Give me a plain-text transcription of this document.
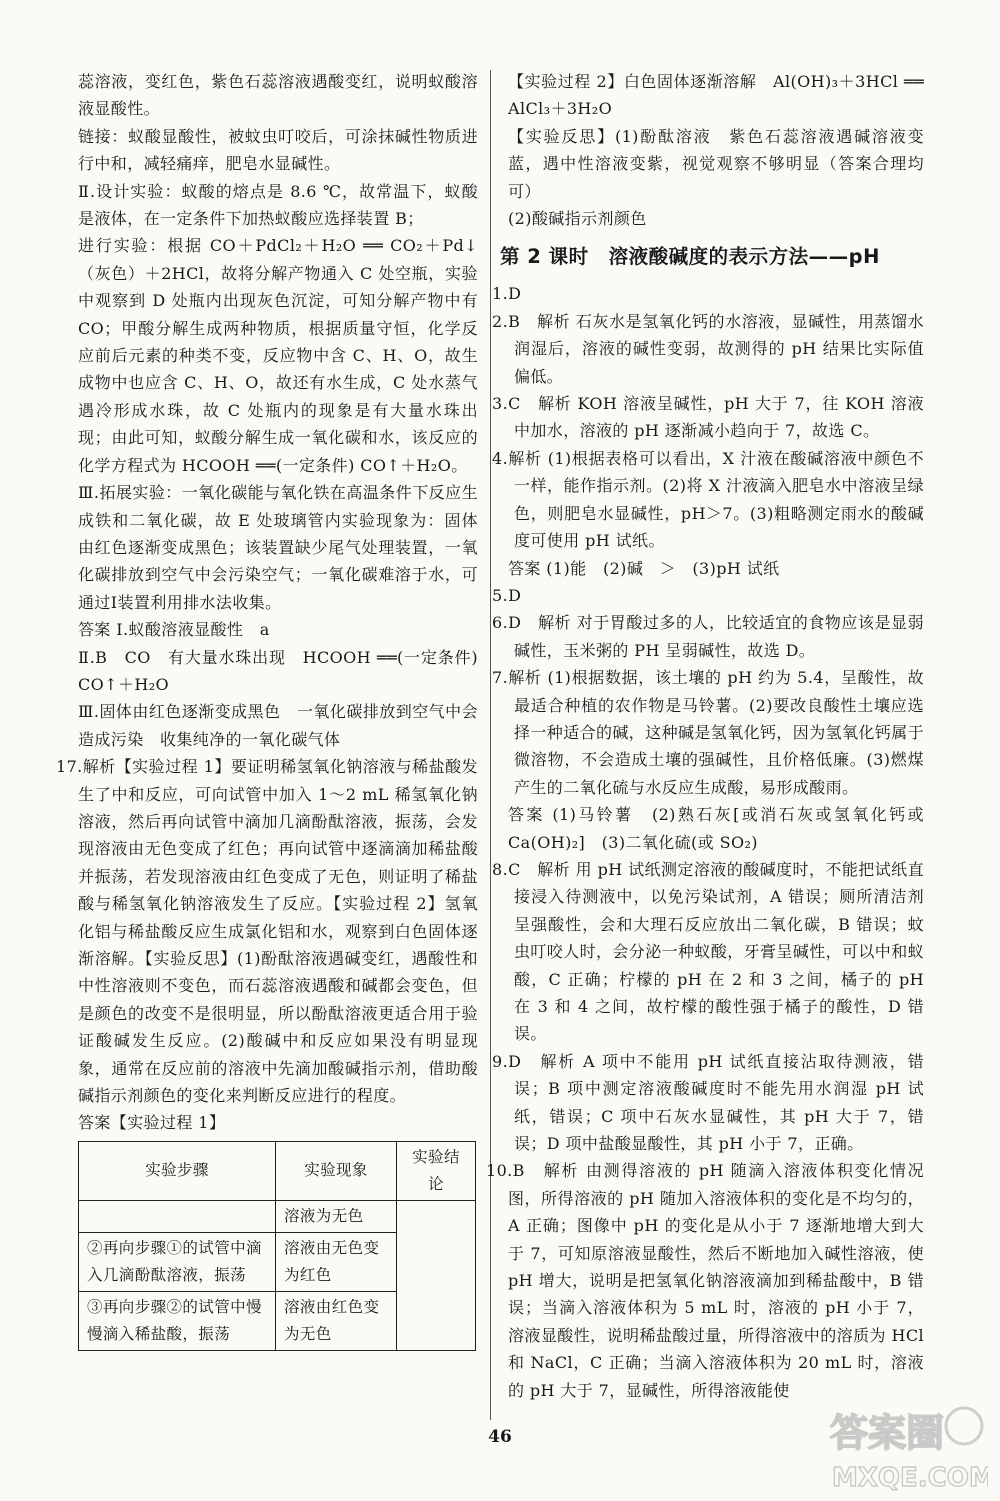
蕊溶液，变红色，紫色石蕊溶液遇酸变红，说明蚁酸溶液显酸性。

链接：蚁酸显酸性，被蚊虫叮咬后，可涂抹碱性物质进行中和，减轻痛痒，肥皂水显碱性。

Ⅱ.设计实验：蚁酸的熔点是 8.6 ℃，故常温下，蚁酸是液体，在一定条件下加热蚁酸应选择装置 B；

进行实验：根据 CO＋PdCl₂＋H₂O ══ CO₂＋Pd↓（灰色）＋2HCl，故将分解产物通入 C 处空瓶，实验中观察到 D 处瓶内出现灰色沉淀，可知分解产物中有 CO；甲酸分解生成两种物质，根据质量守恒，化学反应前后元素的种类不变，反应物中含 C、H、O，故生成物中也应含 C、H、O，故还有水生成，C 处水蒸气遇冷形成水珠，故 C 处瓶内的现象是有大量水珠出现；由此可知，蚁酸分解生成一氧化碳和水，该反应的化学方程式为 HCOOH ══(一定条件) CO↑＋H₂O。

Ⅲ.拓展实验：一氧化碳能与氧化铁在高温条件下反应生成铁和二氧化碳，故 E 处玻璃管内实验现象为：固体由红色逐渐变成黑色；该装置缺少尾气处理装置，一氧化碳排放到空气中会污染空气；一氧化碳难溶于水，可通过Ⅰ装置利用排水法收集。

答案 Ⅰ.蚁酸溶液显酸性　a

Ⅱ.B　CO　有大量水珠出现　HCOOH ══(一定条件) CO↑＋H₂O

Ⅲ.固体由红色逐渐变成黑色　一氧化碳排放到空气中会造成污染　收集纯净的一氧化碳气体

17.解析【实验过程 1】要证明稀氢氧化钠溶液与稀盐酸发生了中和反应，可向试管中加入 1～2 mL 稀氢氧化钠溶液，然后再向试管中滴加几滴酚酞溶液，振荡，会发现溶液由无色变成了红色；再向试管中逐滴滴加稀盐酸并振荡，若发现溶液由红色变成了无色，则证明了稀盐酸与稀氢氧化钠溶液发生了反应。【实验过程 2】氢氧化铝与稀盐酸反应生成氯化铝和水，观察到白色固体逐渐溶解。【实验反思】(1)酚酞溶液遇碱变红，遇酸性和中性溶液则不变色，而石蕊溶液遇酸和碱都会变色，但是颜色的改变不是很明显，所以酚酞溶液更适合用于验证酸碱发生反应。(2)酸碱中和反应如果没有明显现象，通常在反应前的溶液中先滴加酸碱指示剂，借助酸碱指示剂颜色的变化来判断反应进行的程度。

答案【实验过程 1】

实验步骤	实验现象	实验结论
	溶液为无色	
②再向步骤①的试管中滴入几滴酚酞溶液，振荡	溶液由无色变为红色	
③再向步骤②的试管中慢慢滴入稀盐酸，振荡	溶液由红色变为无色	

【实验过程 2】白色固体逐渐溶解　Al(OH)₃＋3HCl ══ AlCl₃＋3H₂O

【实验反思】(1)酚酞溶液　紫色石蕊溶液遇碱溶液变蓝，遇中性溶液变紫，视觉观察不够明显（答案合理均可）

(2)酸碱指示剂颜色

第 2 课时　溶液酸碱度的表示方法——pH

1.D

2.B　解析 石灰水是氢氧化钙的水溶液，显碱性，用蒸馏水润湿后，溶液的碱性变弱，故测得的 pH 结果比实际值偏低。

3.C　解析 KOH 溶液呈碱性，pH 大于 7，往 KOH 溶液中加水，溶液的 pH 逐渐减小趋向于 7，故选 C。

4.解析 (1)根据表格可以看出，X 汁液在酸碱溶液中颜色不一样，能作指示剂。(2)将 X 汁液滴入肥皂水中溶液呈绿色，则肥皂水显碱性，pH＞7。(3)粗略测定雨水的酸碱度可使用 pH 试纸。

答案 (1)能　(2)碱　＞　(3)pH 试纸

5.D

6.D　解析 对于胃酸过多的人，比较适宜的食物应该是显弱碱性，玉米粥的 PH 呈弱碱性，故选 D。

7.解析 (1)根据数据，该土壤的 pH 约为 5.4，呈酸性，故最适合种植的农作物是马铃薯。(2)要改良酸性土壤应选择一种适合的碱，这种碱是氢氧化钙，因为氢氧化钙属于微溶物，不会造成土壤的强碱性，且价格低廉。(3)燃煤产生的二氧化硫与水反应生成酸，易形成酸雨。

答案 (1)马铃薯　(2)熟石灰[或消石灰或氢氧化钙或 Ca(OH)₂]　(3)二氧化硫(或 SO₂)

8.C　解析 用 pH 试纸测定溶液的酸碱度时，不能把试纸直接浸入待测液中，以免污染试剂，A 错误；厕所清洁剂呈强酸性，会和大理石反应放出二氧化碳，B 错误；蚊虫叮咬人时，会分泌一种蚁酸，牙膏呈碱性，可以中和蚁酸，C 正确；柠檬的 pH 在 2 和 3 之间，橘子的 pH 在 3 和 4 之间，故柠檬的酸性强于橘子的酸性，D 错误。

9.D　解析 A 项中不能用 pH 试纸直接沾取待测液，错误；B 项中测定溶液酸碱度时不能先用水润湿 pH 试纸，错误；C 项中石灰水显碱性，其 pH 大于 7，错误；D 项中盐酸显酸性，其 pH 小于 7，正确。

10.B　解析 由测得溶液的 pH 随滴入溶液体积变化情况图，所得溶液的 pH 随加入溶液体积的变化是不均匀的，A 正确；图像中 pH 的变化是从小于 7 逐渐地增大到大于 7，可知原溶液显酸性，然后不断地加入碱性溶液，使 pH 增大，说明是把氢氧化钠溶液滴加到稀盐酸中，B 错误；当滴入溶液体积为 5 mL 时，溶液的 pH 小于 7，溶液显酸性，说明稀盐酸过量，所得溶液中的溶质为 HCl 和 NaCl，C 正确；当滴入溶液体积为 20 mL 时，溶液的 pH 大于 7，显碱性，所得溶液能使

46	答案圈
MXQE.COM
